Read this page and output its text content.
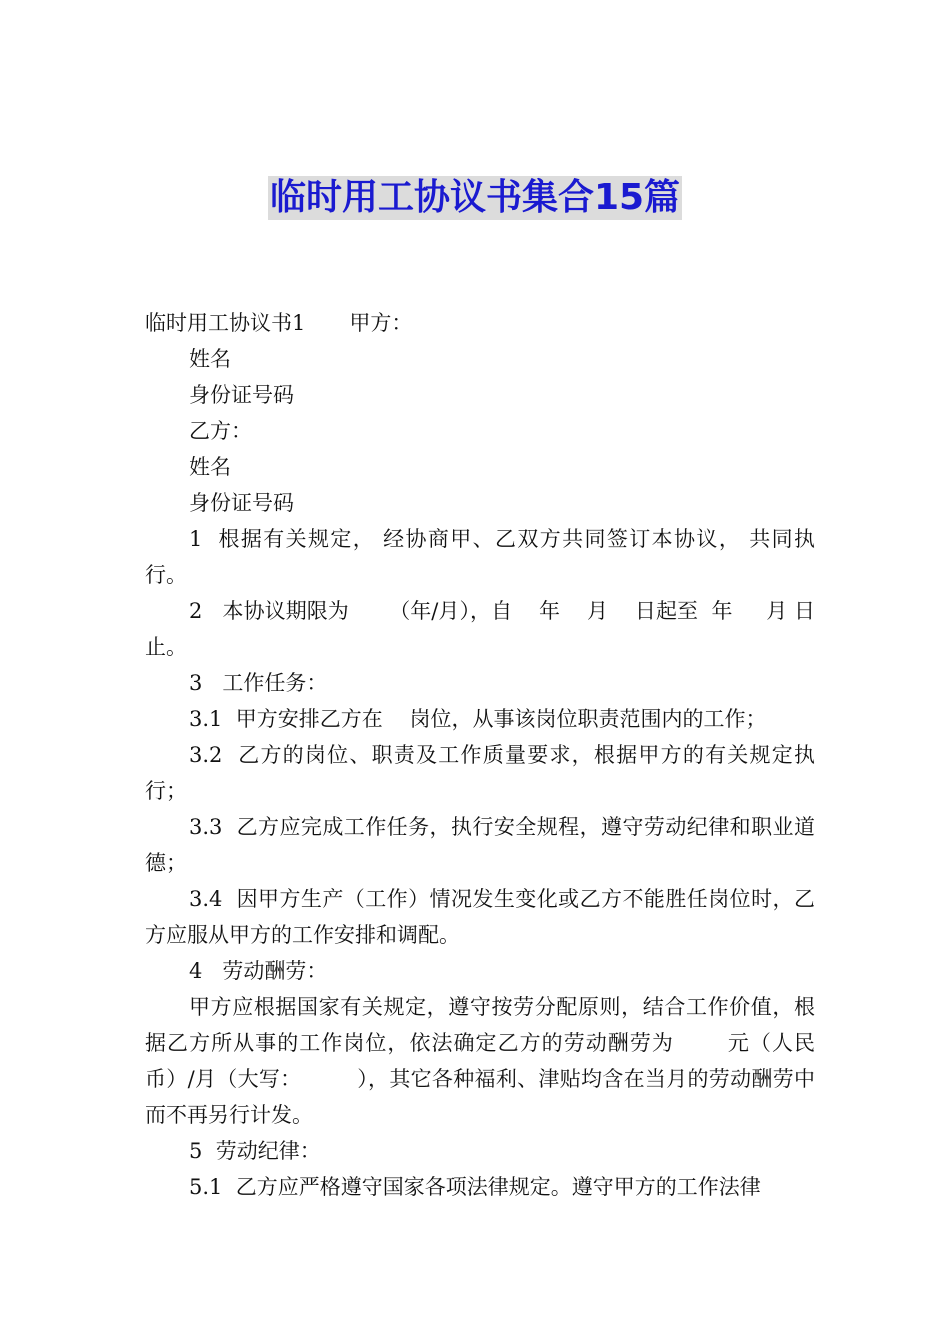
临时用工协议书集合15篇

临时用工协议书1 甲方：

姓名

身份证号码

乙方：

姓名

身份证号码

1  根据有关规定， 经协商甲、乙双方共同签订本协议， 共同执行。

2   本协议期限为      （年/月），自    年    月    日起至  年     月 日止。

3   工作任务：

3.1  甲方安排乙方在    岗位，从事该岗位职责范围内的工作；

3.2  乙方的岗位、职责及工作质量要求，根据甲方的有关规定执行；

3.3  乙方应完成工作任务，执行安全规程，遵守劳动纪律和职业道德；

3.4  因甲方生产（工作）情况发生变化或乙方不能胜任岗位时，乙方应服从甲方的工作安排和调配。

4   劳动酬劳：

甲方应根据国家有关规定，遵守按劳分配原则，结合工作价值，根据乙方所从事的工作岗位，依法确定乙方的劳动酬劳为       元（人民币）/月（大写：        ），其它各种福利、津贴均含在当月的劳动酬劳中而不再另行计发。

5  劳动纪律：

5.1  乙方应严格遵守国家各项法律规定。遵守甲方的工作法律
